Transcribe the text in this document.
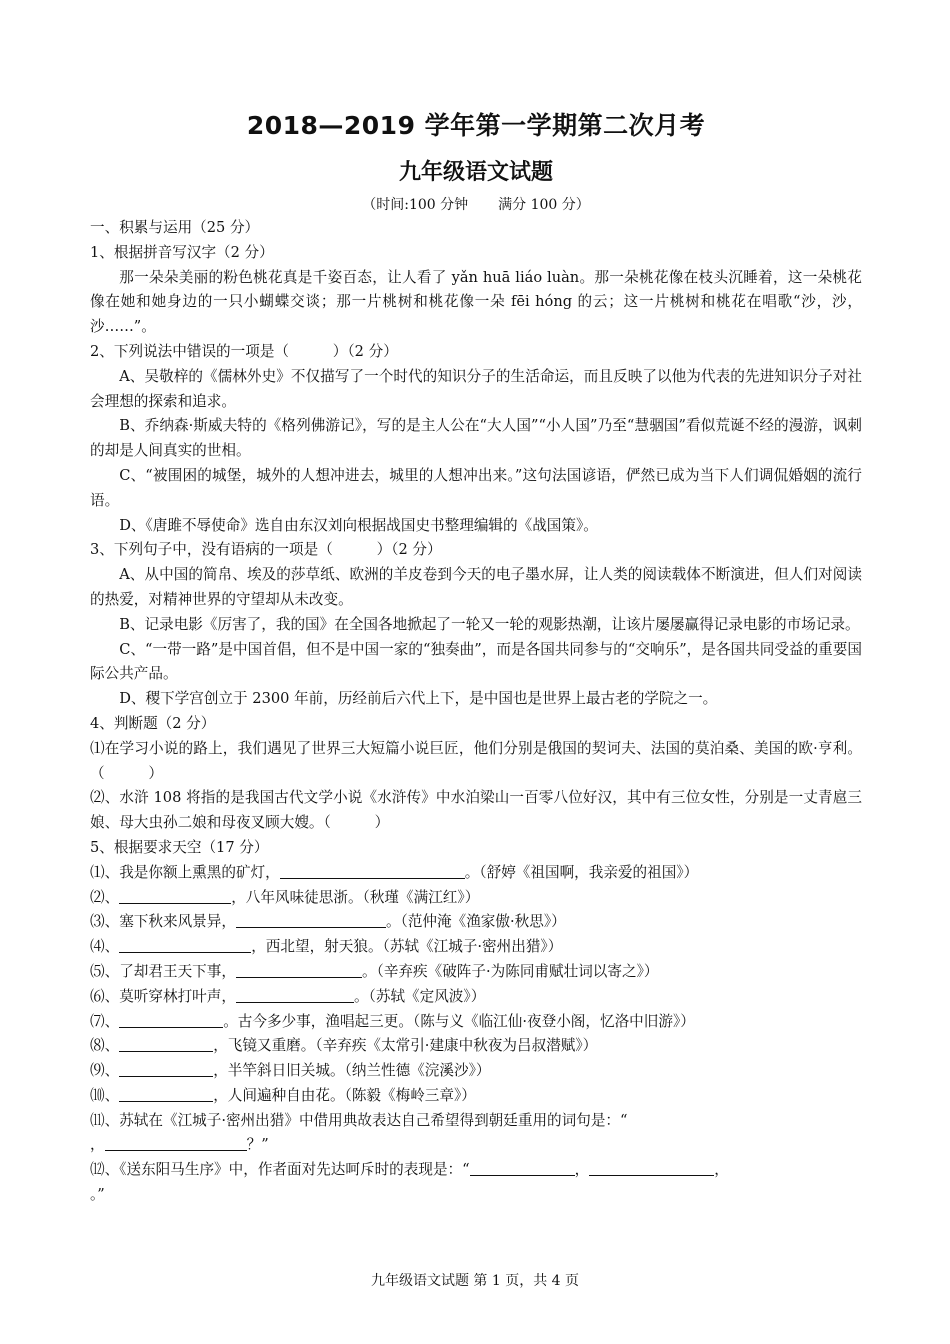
2018—2019 学年第一学期第二次月考
九年级语文试题
（时间:100 分钟 满分 100 分）

一、积累与运用（25 分）

1、根据拼音写汉字（2 分）

那一朵朵美丽的粉色桃花真是千姿百态，让人看了 yǎn huā liáo luàn。那一朵桃花像在枝头沉睡着，这一朵桃花像在她和她身边的一只小蝴蝶交谈；那一片桃树和桃花像一朵 fēi hóng 的云；这一片桃树和桃花在唱歌“沙，沙，沙……”。

2、下列说法中错误的一项是（　　　）（2 分）

A、吴敬梓的《儒林外史》不仅描写了一个时代的知识分子的生活命运，而且反映了以他为代表的先进知识分子对社会理想的探索和追求。

B、乔纳森·斯威夫特的《格列佛游记》，写的是主人公在“大人国”“小人国”乃至“慧骃国”看似荒诞不经的漫游，讽刺的却是人间真实的世相。

C、“被围困的城堡，城外的人想冲进去，城里的人想冲出来。”这句法国谚语，俨然已成为当下人们调侃婚姻的流行语。

D、《唐雎不辱使命》选自由东汉刘向根据战国史书整理编辑的《战国策》。

3、下列句子中，没有语病的一项是（　　　）（2 分）

A、从中国的简帛、埃及的莎草纸、欧洲的羊皮卷到今天的电子墨水屏，让人类的阅读载体不断演进，但人们对阅读的热爱，对精神世界的守望却从未改变。

B、记录电影《厉害了，我的国》在全国各地掀起了一轮又一轮的观影热潮，让该片屡屡赢得记录电影的市场记录。

C、“一带一路”是中国首倡，但不是中国一家的“独奏曲”，而是各国共同参与的“交响乐”，是各国共同受益的重要国际公共产品。

D、稷下学宫创立于 2300 年前，历经前后六代上下，是中国也是世界上最古老的学院之一。

4、判断题（2 分）

⑴在学习小说的路上，我们遇见了世界三大短篇小说巨匠，他们分别是俄国的契诃夫、法国的莫泊桑、美国的欧·亨利。（　　　）

⑵、水浒 108 将指的是我国古代文学小说《水浒传》中水泊梁山一百零八位好汉，其中有三位女性，分别是一丈青扈三娘、母大虫孙二娘和母夜叉顾大嫂。（　　　）

5、根据要求天空（17 分）

⑴、我是你额上熏黑的矿灯，	。（舒婷《祖国啊，我亲爱的祖国》）

⑵、	，八年风味徒思浙。（秋瑾《满江红》）

⑶、塞下秋来风景异，	。（范仲淹《渔家傲·秋思》）

⑷、	，西北望，射天狼。（苏轼《江城子·密州出猎》）

⑸、了却君王天下事，	。（辛弃疾《破阵子·为陈同甫赋壮词以寄之》）

⑹、莫听穿林打叶声，	。（苏轼《定风波》）

⑺、	。古今多少事，渔唱起三更。（陈与义《临江仙·夜登小阁，忆洛中旧游》）

⑻、	，飞镜又重磨。（辛弃疾《太常引·建康中秋夜为吕叔潜赋》）

⑼、	，半竿斜日旧关城。（纳兰性德《浣溪沙》）

⑽、	，人间遍种自由花。（陈毅《梅岭三章》）

⑾、苏轼在《江城子·密州出猎》中借用典故表达自己希望得到朝廷重用的词句是：“
，	？”

⑿、《送东阳马生序》中，作者面对先达呵斥时的表现是：“	，	，
。”

九年级语文试题 第 1 页，共 4 页
